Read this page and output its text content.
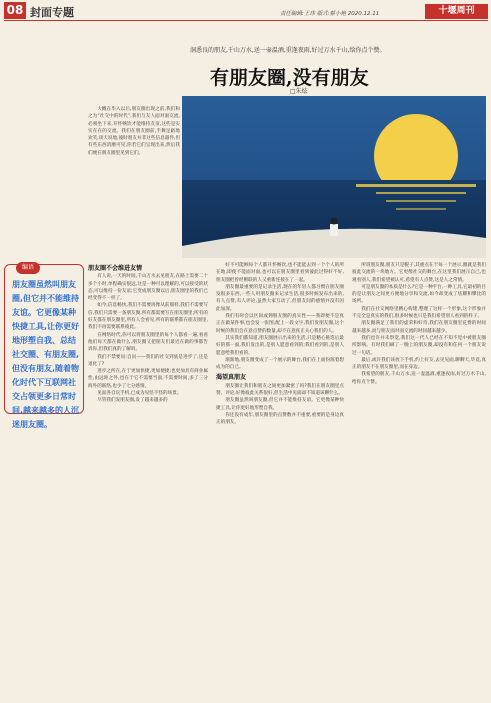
08 封面专题	责任编辑:王玮 版式:蔡小艳 2020.12.11	十堰周刊
洞悉良的朋友,千山万水,送一壶温酒,重逢夜雨,好过万水千山,给你点个赞。
有朋友圈,没有朋友
□朱炫

大概在毕入以后,朋友圈出现之前,我们和之为“社交中的时代”,我们与友人面对面交流,必须坐下来,开怀畅饮才能维持友谊,这些是实实在在的交流。我们在朋友圈前,手舞足蹈地欢笑,谈天说地,彼时朋友并非这些信息器件,但有些东西消磨可见,你若它们呈现出来,然后我们便在朋友圈里见到它们。

编语
朋友圈虽然叫朋友圈,但它并不能维持友谊。它更像某种快捷工具,让你更好地形塑自我、总结社交圈、有朋友圈,但没有朋友,随着物化时代下互联网社交占领更多日常时间,越来越多的人沉迷朋友圈。
朋友圈不会维进友情

有人说,一天的时间,千山万水去见朋友,在路上需要二十多个小时,单程确实很远,这是一种可以理解的,可以接受的状态,可以维持一份友谊;它变成朋友圈以后,朋友圈里的我们已经变得不一样了。

如今,信息畅快,我们不需要再像从前那样,我们不需要写信,我们只需要一条朋友圈,所有都需要写在朋友圈里;所有的好友都在朋友圈里,所有人会看见,所有的联系都在朋友圈里,我们不再需要联系彼此。

在网络时代,你可以将朋友圈里的每个人都看一遍,看看他们每天都在做什么,朋友圈又把朋友们最近在做的事都告诉你,但我们真的了解吗。

我们不禁要问:自问——我们的社交到底是进步了,还是退化了?

进步之所在,在于更加快捷,更加便捷;也更加具有商业属性,由远距之外,也在于它不需要当面,不需要时间,多了三分海外的联络,也少了七分感情。

见面各自玩手机,已成为见怪不怪的场景。

尽管我们发朋友圈,发了越来越多的

好不可能顾每个人都开怀畅饮,也不能能去到一个个人的所在地,即使不能面对面,也可以在朋友圈里看到彼此过得好不好,朋友圈把曾经断联的人又重新连接在了一起。

朋友圈最重要的是记录生活,现在的年轻人都习惯在朋友圈发很多东西,一些人用朋友圈来记录生活,很多时候发布出来的,有人点赞,有人评论,虽然大家互动了,但朋友间的感情并没有因此加深。

我们有时会以区间或拥朋友圈的真实性——我即便不是真正在做某件事,也会发一张图,配上一段文字,我们发朋友圈,这个时候的我们会在意点赞的数量,却不在意真正关心我们的人。

其实我们都知道,朋友圈展示出来的生活,只是精心挑选后最好的那一面,我们发出的,是别人愿意看到的;我们看到的,是别人愿意给我们看的。

渐渐地,朋友圈变成了一个展示的舞台,我们在上面扮演着想成为的自己。

渴望真朋友

朋友圈让我们和朋友之间更加紧密了吗?我们在朋友圈里点赞、评论,好像彼此关系很好,但生活中见面却不知道该聊什么。

朋友圈虽然叫朋友圈,但它并不能维持友谊。它更像某种快捷工具,让你更好地形塑自我。

你还没有成年,朋友圈里的点赞数并不重要,重要的是身边真正的朋友。

所谓朋友圈,朋友只是幌子,其重点在于每一个展示,圈就是我们彼此交流的一块地方。它更像社交的舞台,在这里我们展示自己,也观看别人,我们希望被认可,希望有人点赞,这是人之常情。

可是朋友圈的本质是什么?它是一种平台,一种工具,它最初的目的是让朋友之间更方便地分享和交流,如今却变成了炫耀和攀比的场所。

我们在社交网络里精心构建,整理了这样一个形象,这个形象并不完全是真实的我们,很多时候也只是我们希望别人看到的样子。

朋友圈满足了我们的虚荣和好奇,我们在朋友圈里花费的时间越来越多,而与朋友面对面交流的时间越来越少。

我们也许并未察觉,我们这一代人已经在不知不觉中被朋友圈所影响。有时我们刷了一晚上的朋友圈,却没有和任何一个朋友说过一句话。

最后,或许我们该放下手机,约上好友,去见见面,聊聊天,毕竟,真正的朋友不在朋友圈里,而在身边。

我希望的朋友,千山万水,送一壶温酒,重逢夜雨,好过万水千山,给你点个赞。
